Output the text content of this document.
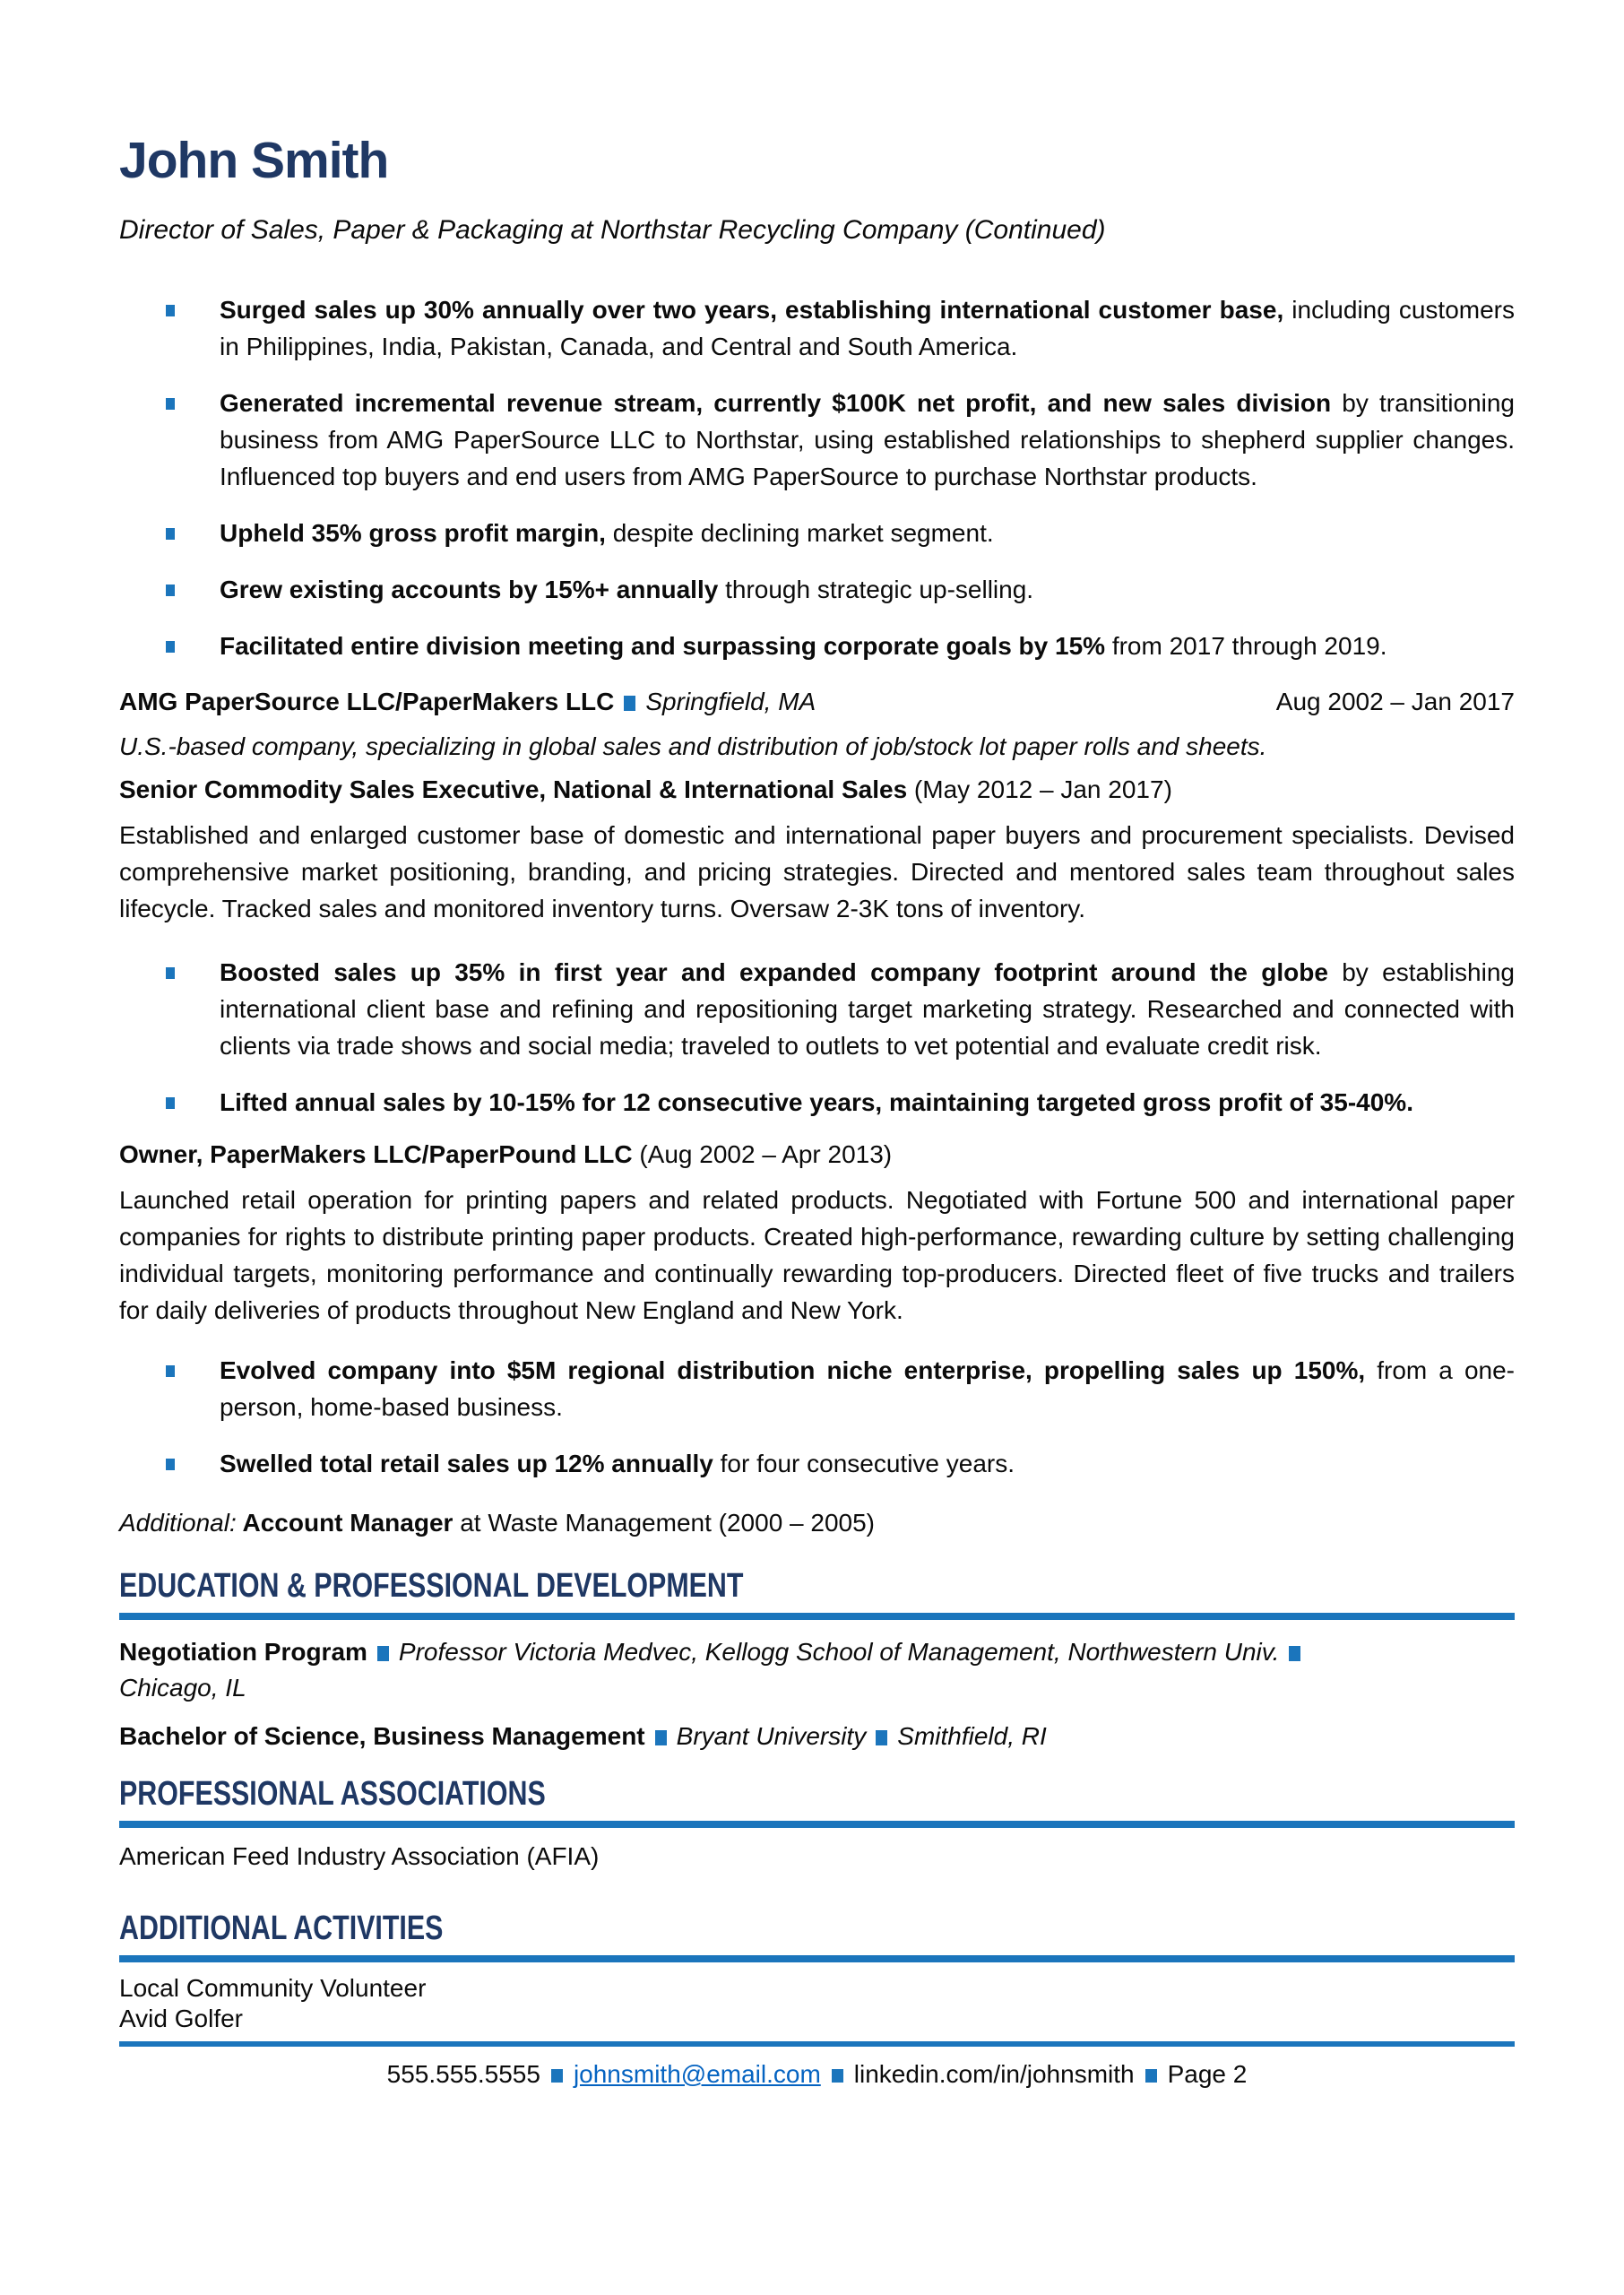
John Smith
Director of Sales, Paper & Packaging at Northstar Recycling Company (Continued)
Surged sales up 30% annually over two years, establishing international customer base, including customers in Philippines, India, Pakistan, Canada, and Central and South America.
Generated incremental revenue stream, currently $100K net profit, and new sales division by transitioning business from AMG PaperSource LLC to Northstar, using established relationships to shepherd supplier changes. Influenced top buyers and end users from AMG PaperSource to purchase Northstar products.
Upheld 35% gross profit margin, despite declining market segment.
Grew existing accounts by 15%+ annually through strategic up-selling.
Facilitated entire division meeting and surpassing corporate goals by 15% from 2017 through 2019.
AMG PaperSource LLC/PaperMakers LLC Springfield, MA	Aug 2002 – Jan 2017
U.S.-based company, specializing in global sales and distribution of job/stock lot paper rolls and sheets.
Senior Commodity Sales Executive, National & International Sales (May 2012 – Jan 2017)
Established and enlarged customer base of domestic and international paper buyers and procurement specialists. Devised comprehensive market positioning, branding, and pricing strategies. Directed and mentored sales team throughout sales lifecycle. Tracked sales and monitored inventory turns. Oversaw 2-3K tons of inventory.
Boosted sales up 35% in first year and expanded company footprint around the globe by establishing international client base and refining and repositioning target marketing strategy. Researched and connected with clients via trade shows and social media; traveled to outlets to vet potential and evaluate credit risk.
Lifted annual sales by 10-15% for 12 consecutive years, maintaining targeted gross profit of 35-40%.
Owner, PaperMakers LLC/PaperPound LLC (Aug 2002 – Apr 2013)
Launched retail operation for printing papers and related products. Negotiated with Fortune 500 and international paper companies for rights to distribute printing paper products. Created high-performance, rewarding culture by setting challenging individual targets, monitoring performance and continually rewarding top-producers. Directed fleet of five trucks and trailers for daily deliveries of products throughout New England and New York.
Evolved company into $5M regional distribution niche enterprise, propelling sales up 150%, from a one-person, home-based business.
Swelled total retail sales up 12% annually for four consecutive years.
Additional: Account Manager at Waste Management (2000 – 2005)
EDUCATION & PROFESSIONAL DEVELOPMENT
Negotiation Program Professor Victoria Medvec, Kellogg School of Management, Northwestern Univ.
Chicago, IL
Bachelor of Science, Business Management Bryant University Smithfield, RI
PROFESSIONAL ASSOCIATIONS
American Feed Industry Association (AFIA)
ADDITIONAL ACTIVITIES
Local Community Volunteer
Avid Golfer
555.555.5555 johnsmith@email.com linkedin.com/in/johnsmith Page 2
